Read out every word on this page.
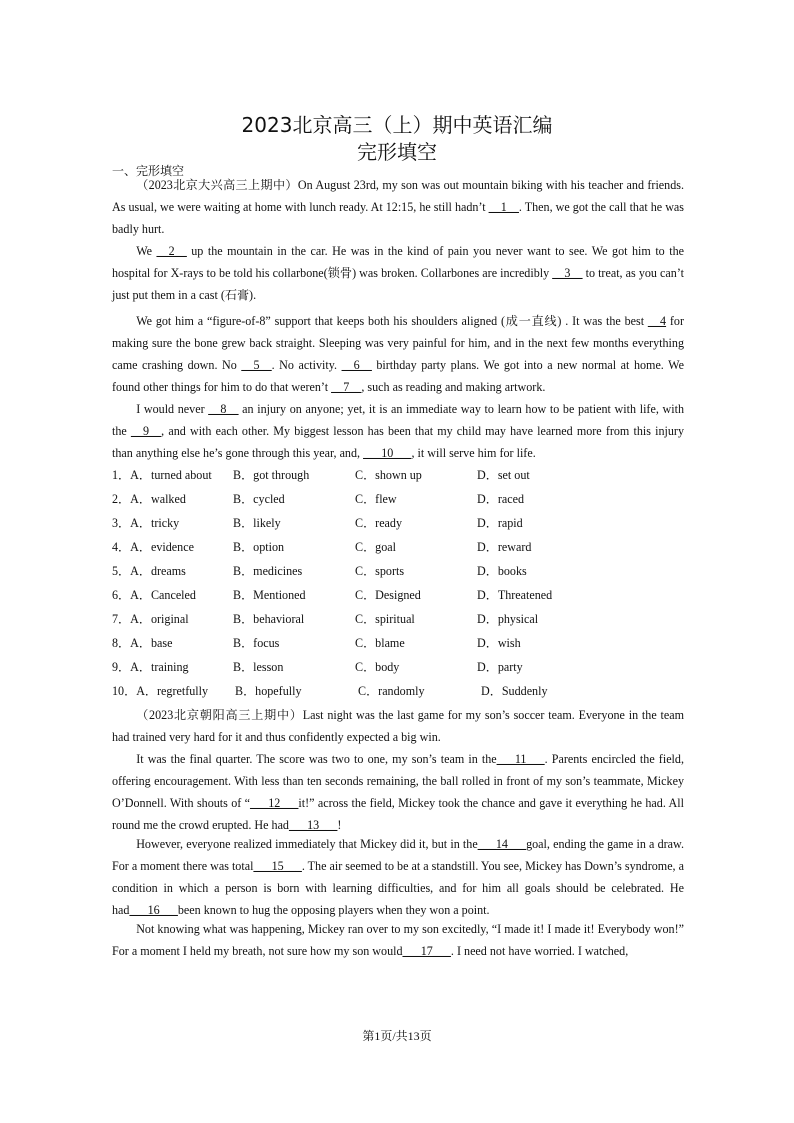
2023北京高三（上）期中英语汇编
完形填空
一、完形填空

（2023北京大兴高三上期中）On August 23rd, my son was out mountain biking with his teacher and friends. As usual, we were waiting at home with lunch ready. At 12:15, he still hadn’t __1__. Then, we got the call that he was badly hurt.

We __2__ up the mountain in the car. He was in the kind of pain you never want to see. We got him to the hospital for X-rays to be told his collarbone(锁骨) was broken. Collarbones are incredibly __3__ to treat, as you can’t just put them in a cast (石膏).

We got him a “figure-of-8” support that keeps both his shoulders aligned (成一直线) . It was the best __4 for making sure the bone grew back straight. Sleeping was very painful for him, and in the next few months everything came crashing down. No __5__. No activity. __6__ birthday party plans. We got into a new normal at home. We found other things for him to do that weren’t __7__, such as reading and making artwork.

I would never __8__ an injury on anyone; yet, it is an immediate way to learn how to be patient with life, with the __9__, and with each other. My biggest lesson has been that my child may have learned more from this injury than anything else he’s gone through this year, and, ___10___, it will serve him for life.

1．A．turned about B．got through	C．shown up	D．set out
2．A．walked	B．cycled	C．flew	D．raced
3．A．tricky	B．likely	C．ready	D．rapid
4．A．evidence	B．option	C．goal	D．reward
5．A．dreams	B．medicines	C．sports	D．books
6．A．Canceled	B．Mentioned	C．Designed	D．Threatened
7．A．original	B．behavioral	C．spiritual	D．physical
8．A．base	B．focus	C．blame	D．wish
9．A．training	B．lesson	C．body	D．party
10．A．regretfully B．hopefully	C．randomly	D．Suddenly

（2023北京朝阳高三上期中）Last night was the last game for my son’s soccer team. Everyone in the team had trained very hard for it and thus confidently expected a big win.

It was the final quarter. The score was two to one, my son’s team in the___11___. Parents encircled the field, offering encouragement. With less than ten seconds remaining, the ball rolled in front of my son’s teammate, Mickey O’Donnell. With shouts of “___12___it!” across the field, Mickey took the chance and gave it everything he had. All round me the crowd erupted. He had___13___!

However, everyone realized immediately that Mickey did it, but in the___14___goal, ending the game in a draw. For a moment there was total___15___. The air seemed to be at a standstill. You see, Mickey has Down’s syndrome, a condition in which a person is born with learning difficulties, and for him all goals should be celebrated. He had___16___been known to hug the opposing players when they won a point.

Not knowing what was happening, Mickey ran over to my son excitedly, “I made it! I made it! Everybody won!” For a moment I held my breath, not sure how my son would___17___. I need not have worried. I watched,

第1页/共13页
